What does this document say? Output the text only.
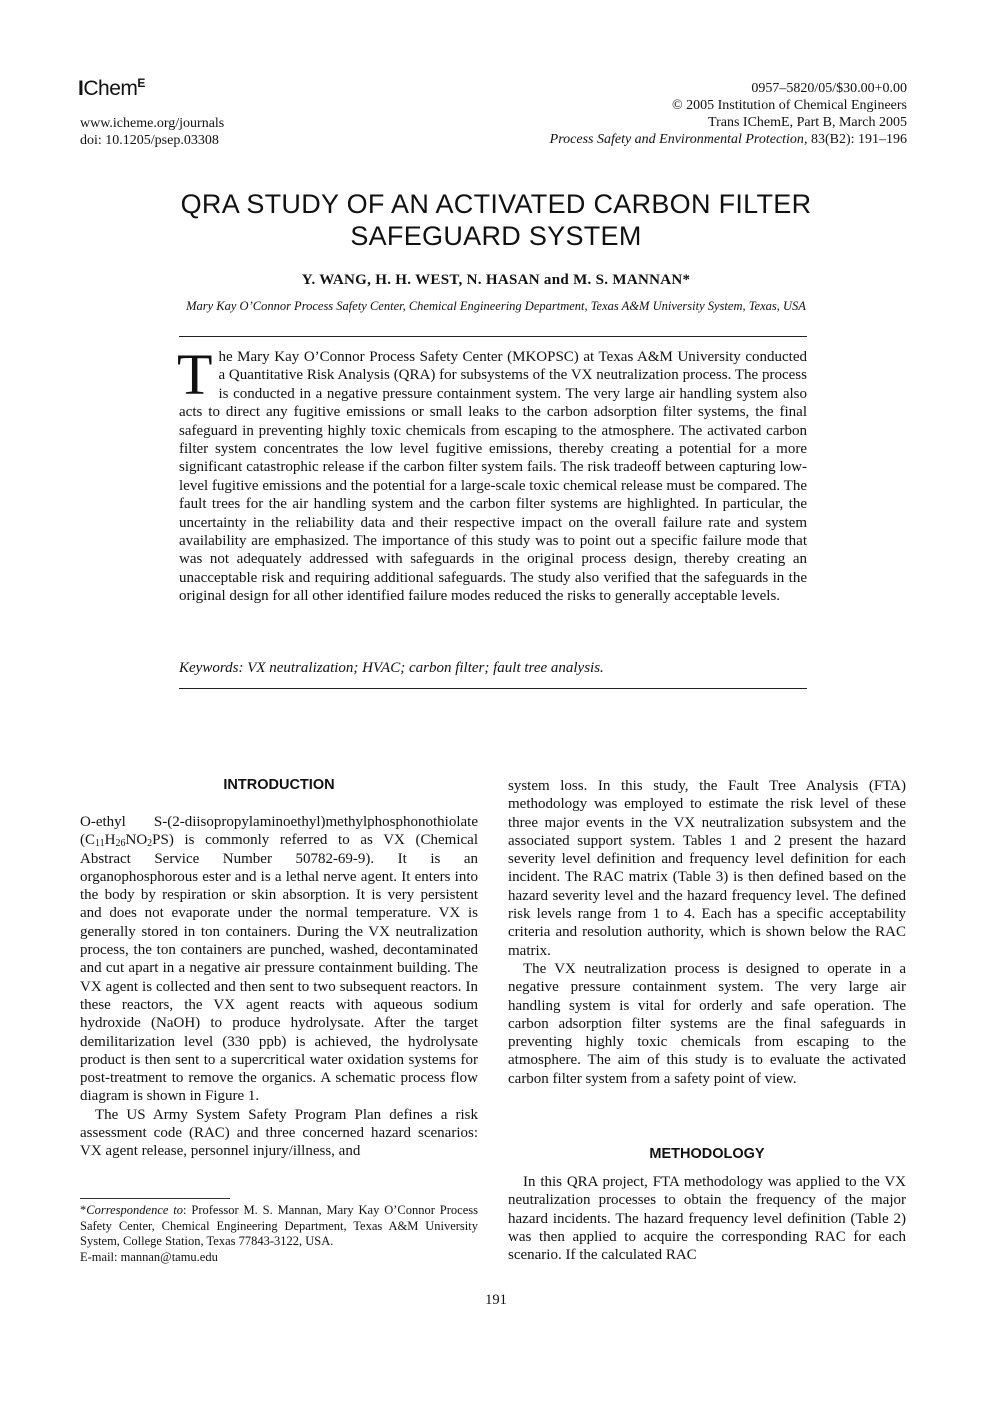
IChem$^E$
www.icheme.org/journals
doi: 10.1205/psep.03308
0957–5820/05/$30.00+0.00
© 2005 Institution of Chemical Engineers
Trans IChemE, Part B, March 2005
Process Safety and Environmental Protection, 83(B2): 191–196
QRA STUDY OF AN ACTIVATED CARBON FILTER
SAFEGUARD SYSTEM
Y. WANG, H. H. WEST, N. HASAN and M. S. MANNAN*
Mary Kay O’Connor Process Safety Center, Chemical Engineering Department, Texas A&M University System, Texas, USA
The Mary Kay O’Connor Process Safety Center (MKOPSC) at Texas A&M University conducted a Quantitative Risk Analysis (QRA) for subsystems of the VX neutralization process. The process is conducted in a negative pressure containment system. The very large air handling system also acts to direct any fugitive emissions or small leaks to the carbon adsorption filter systems, the final safeguard in preventing highly toxic chemicals from escaping to the atmosphere. The activated carbon filter system concentrates the low level fugitive emissions, thereby creating a potential for a more significant catastrophic release if the carbon filter system fails. The risk tradeoff between capturing low-level fugitive emissions and the potential for a large-scale toxic chemical release must be compared. The fault trees for the air handling system and the carbon filter systems are highlighted. In particular, the uncertainty in the reliability data and their respective impact on the overall failure rate and system availability are emphasized. The importance of this study was to point out a specific failure mode that was not adequately addressed with safeguards in the original process design, thereby creating an unacceptable risk and requiring additional safeguards. The study also verified that the safeguards in the original design for all other identified failure modes reduced the risks to generally acceptable levels.
Keywords: VX neutralization; HVAC; carbon filter; fault tree analysis.
INTRODUCTION

O-ethyl S-(2-diisopropylaminoethyl)methylphosphonothiolate $(C_{11}H_{26}NO_2PS)$ is commonly referred to as VX (Chemical Abstract Service Number 50782-69-9). It is an organophosphorous ester and is a lethal nerve agent. It enters into the body by respiration or skin absorption. It is very persistent and does not evaporate under the normal temperature. VX is generally stored in ton containers. During the VX neutralization process, the ton containers are punched, washed, decontaminated and cut apart in a negative air pressure containment building. The VX agent is collected and then sent to two subsequent reactors. In these reactors, the VX agent reacts with aqueous sodium hydroxide (NaOH) to produce hydrolysate. After the target demilitarization level (330 ppb) is achieved, the hydrolysate product is then sent to a supercritical water oxidation systems for post-treatment to remove the organics. A schematic process flow diagram is shown in Figure 1.

The US Army System Safety Program Plan defines a risk assessment code (RAC) and three concerned hazard scenarios: VX agent release, personnel injury/illness, and

*Correspondence to: Professor M. S. Mannan, Mary Kay O’Connor Process Safety Center, Chemical Engineering Department, Texas A&M University System, College Station, Texas 77843-3122, USA.
E-mail: mannan@tamu.edu

system loss. In this study, the Fault Tree Analysis (FTA) methodology was employed to estimate the risk level of these three major events in the VX neutralization subsystem and the associated support system. Tables 1 and 2 present the hazard severity level definition and frequency level definition for each incident. The RAC matrix (Table 3) is then defined based on the hazard severity level and the hazard frequency level. The defined risk levels range from 1 to 4. Each has a specific acceptability criteria and resolution authority, which is shown below the RAC matrix.

The VX neutralization process is designed to operate in a negative pressure containment system. The very large air handling system is vital for orderly and safe operation. The carbon adsorption filter systems are the final safeguards in preventing highly toxic chemicals from escaping to the atmosphere. The aim of this study is to evaluate the activated carbon filter system from a safety point of view.

METHODOLOGY

In this QRA project, FTA methodology was applied to the VX neutralization processes to obtain the frequency of the major hazard incidents. The hazard frequency level definition (Table 2) was then applied to acquire the corresponding RAC for each scenario. If the calculated RAC

191
